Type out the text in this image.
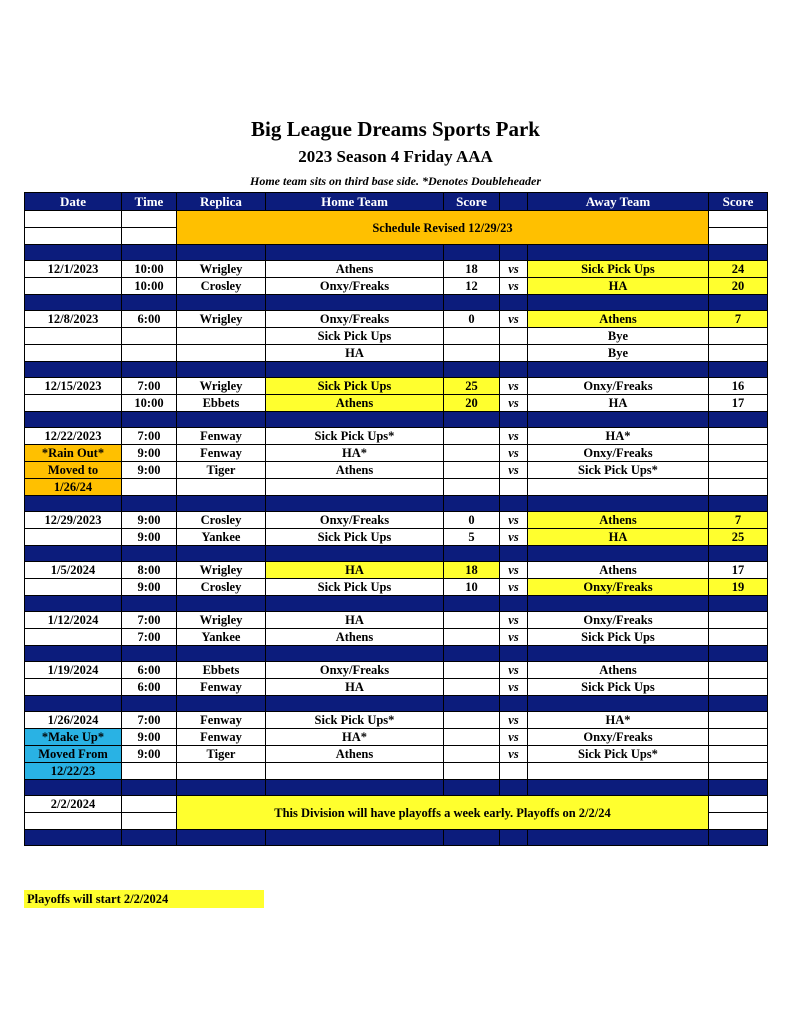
Big League Dreams Sports Park
2023 Season 4 Friday AAA
Home team sits on third base side. *Denotes Doubleheader
Date	Time	Replica	Home Team	Score		Away Team	Score
		Schedule Revised 12/29/23					

12/1/2023	10:00	Wrigley	Athens	18	vs	Sick Pick Ups	24
	10:00	Crosley	Onxy/Freaks	12	vs	HA	20

12/8/2023	6:00	Wrigley	Onxy/Freaks	0	vs	Athens	7
			Sick Pick Ups			Bye	
			HA			Bye	

12/15/2023	7:00	Wrigley	Sick Pick Ups	25	vs	Onxy/Freaks	16
	10:00	Ebbets	Athens	20	vs	HA	17

12/22/2023	7:00	Fenway	Sick Pick Ups*		vs	HA*	
*Rain Out*	9:00	Fenway	HA*		vs	Onxy/Freaks	
Moved to	9:00	Tiger	Athens		vs	Sick Pick Ups*	
1/26/24							

12/29/2023	9:00	Crosley	Onxy/Freaks	0	vs	Athens	7
	9:00	Yankee	Sick Pick Ups	5	vs	HA	25

1/5/2024	8:00	Wrigley	HA	18	vs	Athens	17
	9:00	Crosley	Sick Pick Ups	10	vs	Onxy/Freaks	19

1/12/2024	7:00	Wrigley	HA		vs	Onxy/Freaks	
	7:00	Yankee	Athens		vs	Sick Pick Ups	

1/19/2024	6:00	Ebbets	Onxy/Freaks		vs	Athens	
	6:00	Fenway	HA		vs	Sick Pick Ups	

1/26/2024	7:00	Fenway	Sick Pick Ups*		vs	HA*	
*Make Up*	9:00	Fenway	HA*		vs	Onxy/Freaks	
Moved From	9:00	Tiger	Athens		vs	Sick Pick Ups*	
12/22/23							

2/2/2024		This Division will have playoffs a week early. Playoffs on 2/2/24					

Playoffs will start 2/2/2024
